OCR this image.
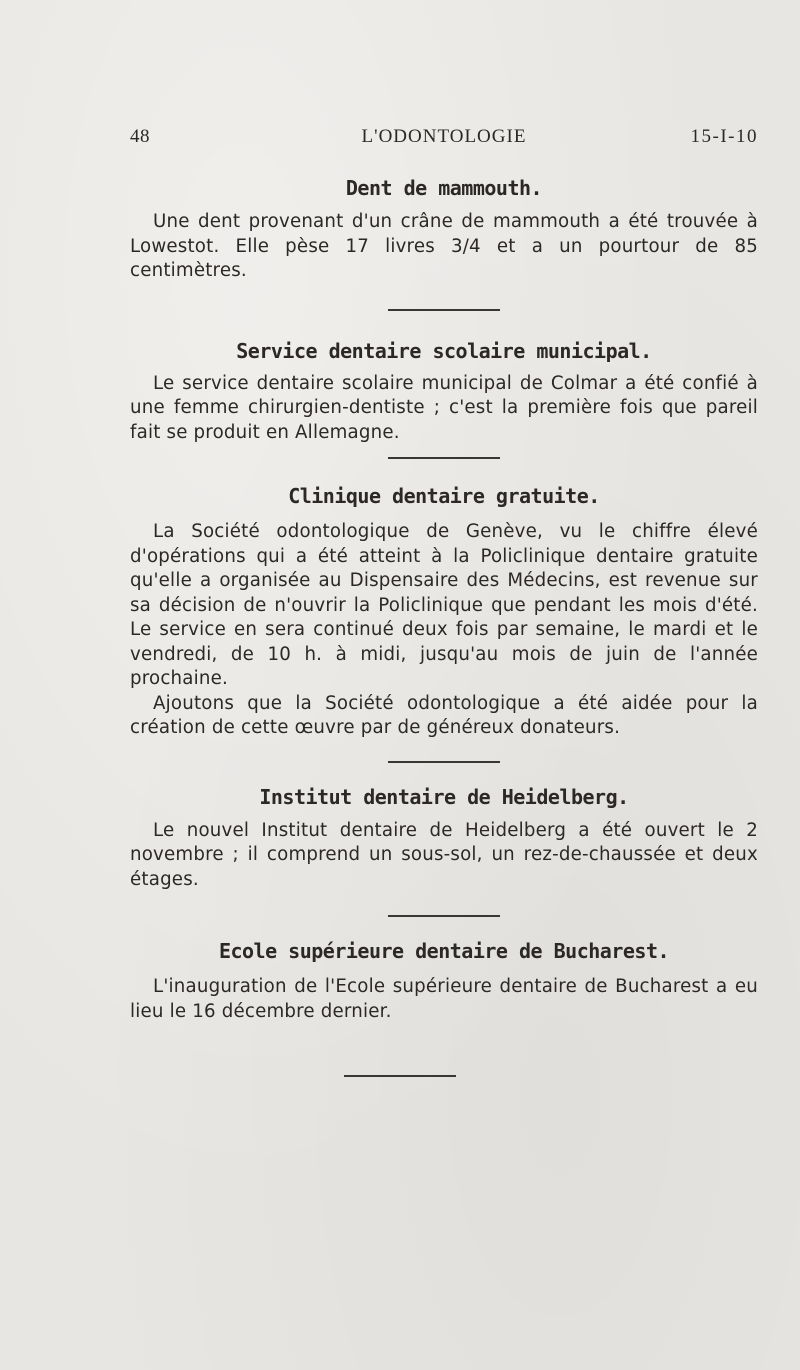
48	L'ODONTOLOGIE	15-I-10
Dent de mammouth.

Une dent provenant d'un crâne de mammouth a été trouvée à Lowestot. Elle pèse 17 livres 3/4 et a un pourtour de 85 centimètres.

Service dentaire scolaire municipal.

Le service dentaire scolaire municipal de Colmar a été confié à une femme chirurgien-dentiste ; c'est la première fois que pareil fait se produit en Allemagne.

Clinique dentaire gratuite.

La Société odontologique de Genève, vu le chiffre élevé d'opérations qui a été atteint à la Policlinique dentaire gratuite qu'elle a organisée au Dispensaire des Médecins, est revenue sur sa décision de n'ouvrir la Policlinique que pendant les mois d'été. Le service en sera continué deux fois par semaine, le mardi et le vendredi, de 10 h. à midi, jusqu'au mois de juin de l'année prochaine.

Ajoutons que la Société odontologique a été aidée pour la création de cette œuvre par de généreux donateurs.

Institut dentaire de Heidelberg.

Le nouvel Institut dentaire de Heidelberg a été ouvert le 2 novembre ; il comprend un sous-sol, un rez-de-chaussée et deux étages.

Ecole supérieure dentaire de Bucharest.

L'inauguration de l'Ecole supérieure dentaire de Bucharest a eu lieu le 16 décembre dernier.
